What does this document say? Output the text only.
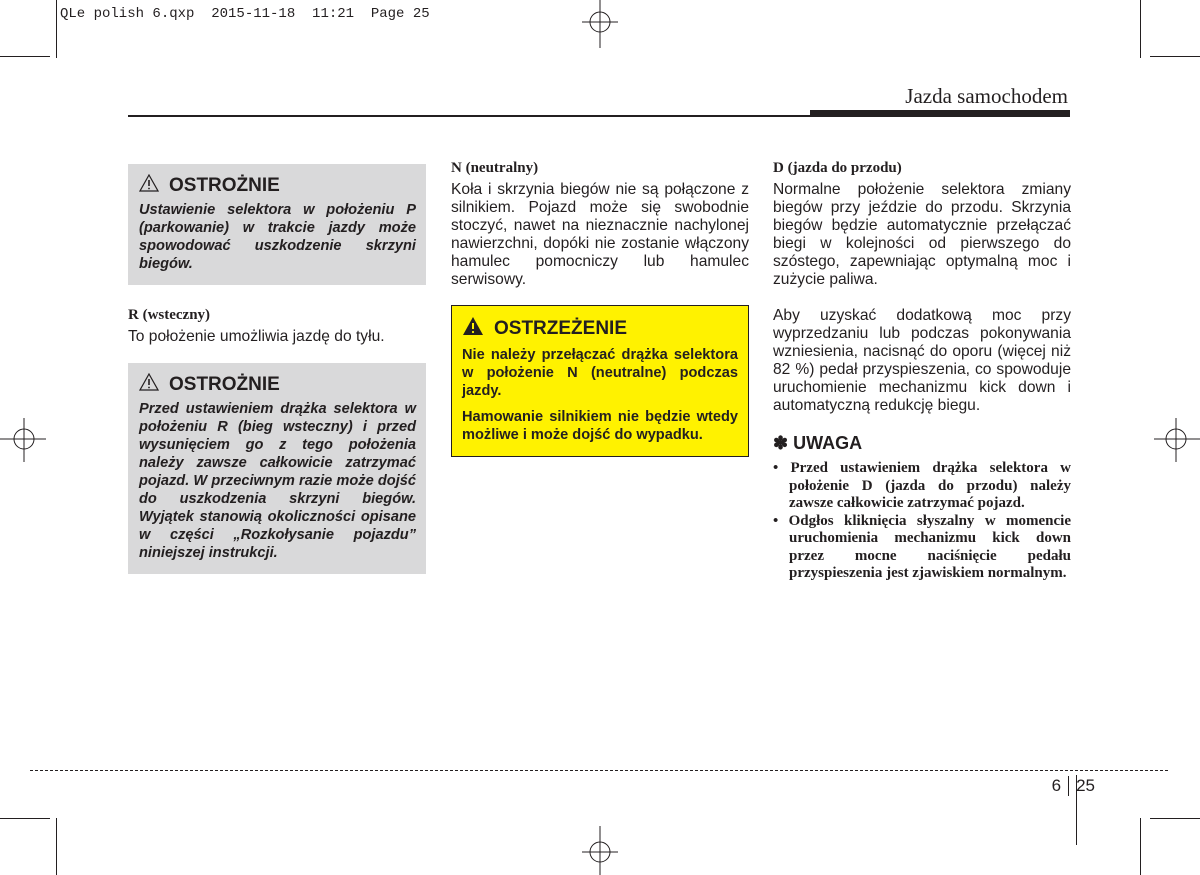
QLe polish 6.qxp  2015-11-18  11:21  Page 25
Jazda samochodem
OSTROŻNIE
Ustawienie selektora w położeniu P (parkowanie) w trakcie jazdy może spowodować uszkodzenie skrzyni biegów.
R (wsteczny)

To położenie umożliwia jazdę do tyłu.

OSTROŻNIE
Przed ustawieniem drążka selektora w położeniu R (bieg wsteczny) i przed wysunięciem go z tego położenia należy zawsze całkowicie zatrzymać pojazd. W przeciwnym razie może dojść do uszkodzenia skrzyni biegów. Wyjątek stanowią okoliczności opisane w części „Rozkołysanie pojazdu” niniejszej instrukcji.
N (neutralny)

Koła i skrzynia biegów nie są połączone z silnikiem. Pojazd może się swobodnie stoczyć, nawet na nieznacznie nachylonej nawierzchni, dopóki nie zostanie włączony hamulec pomocniczy lub hamulec serwisowy.

OSTRZEŻENIE

Nie należy przełączać drążka selektora w położenie N (neutralne) podczas jazdy.

Hamowanie silnikiem nie będzie wtedy możliwe i może dojść do wypadku.

D (jazda do przodu)

Normalne położenie selektora zmiany biegów przy jeździe do przodu. Skrzynia biegów będzie automatycznie przełączać biegi w kolejności od pierwszego do szóstego, zapewniając optymalną moc i zużycie paliwa.

Aby uzyskać dodatkową moc przy wyprzedzaniu lub podczas pokonywania wzniesienia, nacisnąć do oporu (więcej niż 82 %) pedał przyspieszenia, co spowoduje uruchomienie mechanizmu kick down i automatyczną redukcję biegu.

✽ UWAGA
• Przed ustawieniem drążka selektora w położenie D (jazda do przodu) należy zawsze całkowicie zatrzymać pojazd.
• Odgłos kliknięcia słyszalny w momencie uruchomienia mechanizmu kick down przez mocne naciśnięcie pedału przyspieszenia jest zjawiskiem normalnym.
6 25
